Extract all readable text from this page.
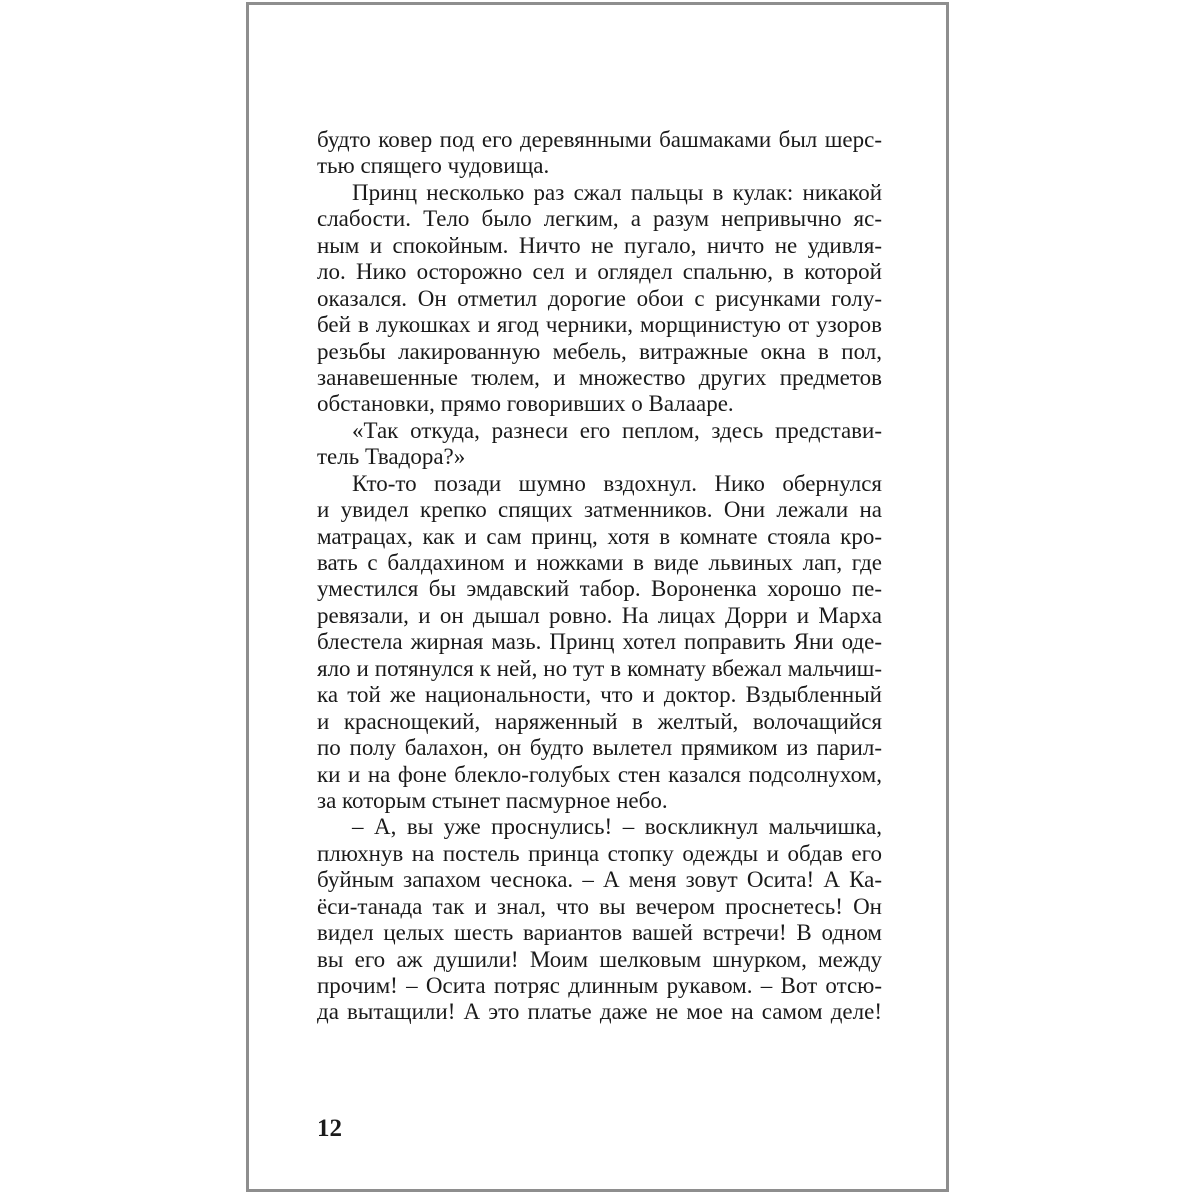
будто ковер под его деревянными башмаками был шерс-
тью спящего чудовища.
Принц несколько раз сжал пальцы в кулак: никакой
слабости. Тело было легким, а разум непривычно яс-
ным и спокойным. Ничто не пугало, ничто не удивля-
ло. Нико осторожно сел и оглядел спальню, в которой
оказался. Он отметил дорогие обои с рисунками голу-
бей в лукошках и ягод черники, морщинистую от узоров
резьбы лакированную мебель, витражные окна в пол,
занавешенные тюлем, и множество других предметов
обстановки, прямо говоривших о Валааре.
«Так откуда, разнеси его пеплом, здесь представи-
тель Твадора?»
Кто-то позади шумно вздохнул. Нико обернулся
и увидел крепко спящих затменников. Они лежали на
матрацах, как и сам принц, хотя в комнате стояла кро-
вать с балдахином и ножками в виде львиных лап, где
уместился бы эмдавский табор. Вороненка хорошо пе-
ревязали, и он дышал ровно. На лицах Дорри и Марха
блестела жирная мазь. Принц хотел поправить Яни оде-
яло и потянулся к ней, но тут в комнату вбежал мальчиш-
ка той же национальности, что и доктор. Вздыбленный
и краснощекий, наряженный в желтый, волочащийся
по полу балахон, он будто вылетел прямиком из парил-
ки и на фоне блекло-голубых стен казался подсолнухом,
за которым стынет пасмурное небо.
– А, вы уже проснулись! – воскликнул мальчишка,
плюхнув на постель принца стопку одежды и обдав его
буйным запахом чеснока. – А меня зовут Осита! А Ка-
ёси-танада так и знал, что вы вечером проснетесь! Он
видел целых шесть вариантов вашей встречи! В одном
вы его аж душили! Моим шелковым шнурком, между
прочим! – Осита потряс длинным рукавом. – Вот отсю-
да вытащили! А это платье даже не мое на самом деле!
12
